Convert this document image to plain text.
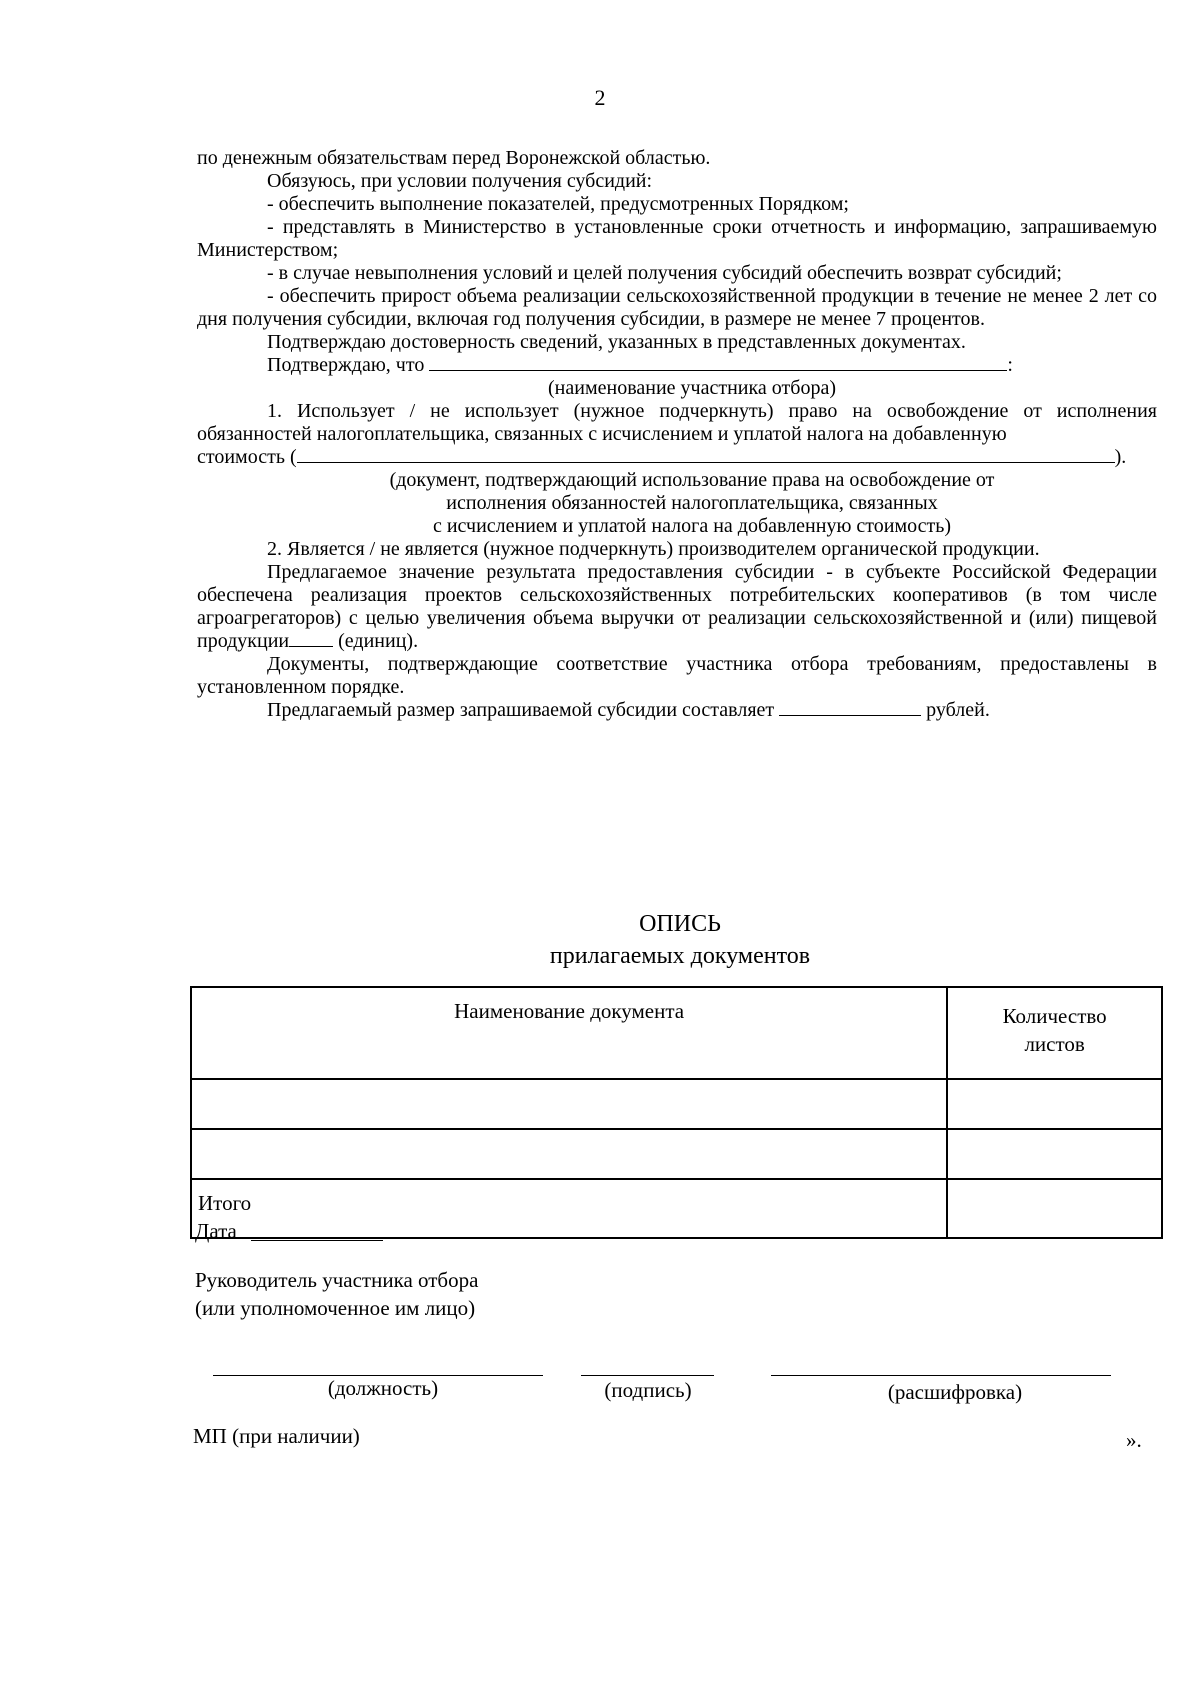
2

по денежным обязательствам перед Воронежской областью.

Обязуюсь, при условии получения субсидий:

- обеспечить выполнение показателей, предусмотренных Порядком;

- представлять в Министерство в установленные сроки отчетность и информацию, запрашиваемую Министерством;

- в случае невыполнения условий и целей получения субсидий обеспечить возврат субсидий;

- обеспечить прирост объема реализации сельскохозяйственной продукции в течение не менее 2 лет со дня получения субсидии, включая год получения субсидии, в размере не менее 7 процентов.

Подтверждаю достоверность сведений, указанных в представленных документах.

Подтверждаю, что	:

(наименование участника отбора)

1. Использует / не использует (нужное подчеркнуть) право на освобождение от исполнения обязанностей налогоплательщика, связанных с исчислением и уплатой налога на добавленную

стоимость (	).

(документ, подтверждающий использование права на освобождение от

исполнения обязанностей налогоплательщика, связанных

с исчислением и уплатой налога на добавленную стоимость)

2. Является / не является (нужное подчеркнуть) производителем органической продукции.

Предлагаемое значение результата предоставления субсидии - в субъекте Российской Федерации обеспечена реализация проектов сельскохозяйственных потребительских кооперативов (в том числе агроагрегаторов) с целью увеличения объема выручки от реализации сельскохозяйственной и (или) пищевой продукции (единиц).

Документы, подтверждающие соответствие участника отбора требованиям, предоставлены в установленном порядке.

Предлагаемый размер запрашиваемой субсидии составляет	рублей.

ОПИСЬ
прилагаемых документов
Наименование документа	Количество
листов

Итого	
Дата
Руководитель участника отбора
(или уполномоченное им лицо)
(должность)	(подпись)	(расшифровка)
МП (при наличии)	».
